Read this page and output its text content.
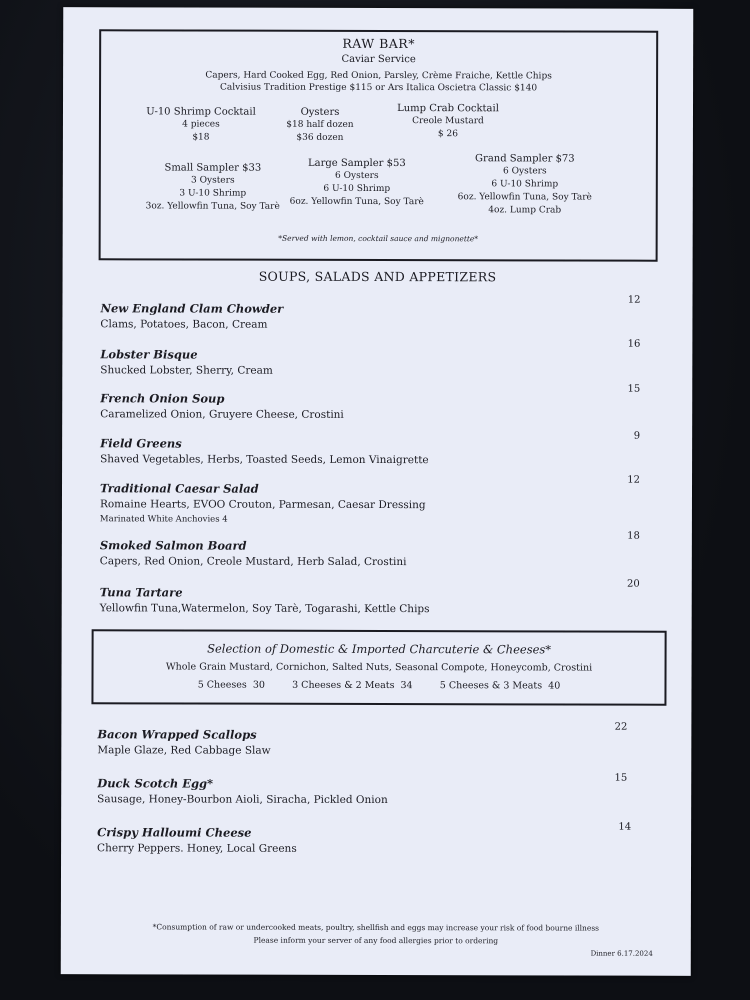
RAW BAR*
Caviar Service
Capers, Hard Cooked Egg, Red Onion, Parsley, Crème Fraiche, Kettle Chips
Calvisius Tradition Prestige $115 or Ars Italica Oscietra Classic $140
U-10 Shrimp Cocktail
4 pieces
$18
Oysters
$18 half dozen
$36 dozen
Lump Crab Cocktail
Creole Mustard
$ 26
Small Sampler $33
3 Oysters
3 U-10 Shrimp
3oz. Yellowfin Tuna, Soy Tarè
Large Sampler $53
6 Oysters
6 U-10 Shrimp
6oz. Yellowfin Tuna, Soy Tarè
Grand Sampler $73
6 Oysters
6 U-10 Shrimp
6oz. Yellowfin Tuna, Soy Tarè
4oz. Lump Crab
*Served with lemon, cocktail sauce and mignonette*
SOUPS, SALADS AND APPETIZERS
New England Clam Chowder
Clams, Potatoes, Bacon, Cream
12
Lobster Bisque
Shucked Lobster, Sherry, Cream
16
French Onion Soup
Caramelized Onion, Gruyere Cheese, Crostini
15
Field Greens
Shaved Vegetables, Herbs, Toasted Seeds, Lemon Vinaigrette
9
Traditional Caesar Salad
Romaine Hearts, EVOO Crouton, Parmesan, Caesar Dressing
Marinated White Anchovies 4
12
Smoked Salmon Board
Capers, Red Onion, Creole Mustard, Herb Salad, Crostini
18
Tuna Tartare
Yellowfin Tuna,Watermelon, Soy Tarè, Togarashi, Kettle Chips
20
Selection of Domestic & Imported Charcuterie & Cheeses*
Whole Grain Mustard, Cornichon, Salted Nuts, Seasonal Compote, Honeycomb, Crostini
5 Cheeses 30	3 Cheeses & 2 Meats 34	5 Cheeses & 3 Meats 40
Bacon Wrapped Scallops
Maple Glaze, Red Cabbage Slaw
22
Duck Scotch Egg*
Sausage, Honey-Bourbon Aioli, Siracha, Pickled Onion
15
Crispy Halloumi Cheese
Cherry Peppers. Honey, Local Greens
14
*Consumption of raw or undercooked meats, poultry, shellfish and eggs may increase your risk of food bourne illness
Please inform your server of any food allergies prior to ordering
Dinner 6.17.2024
